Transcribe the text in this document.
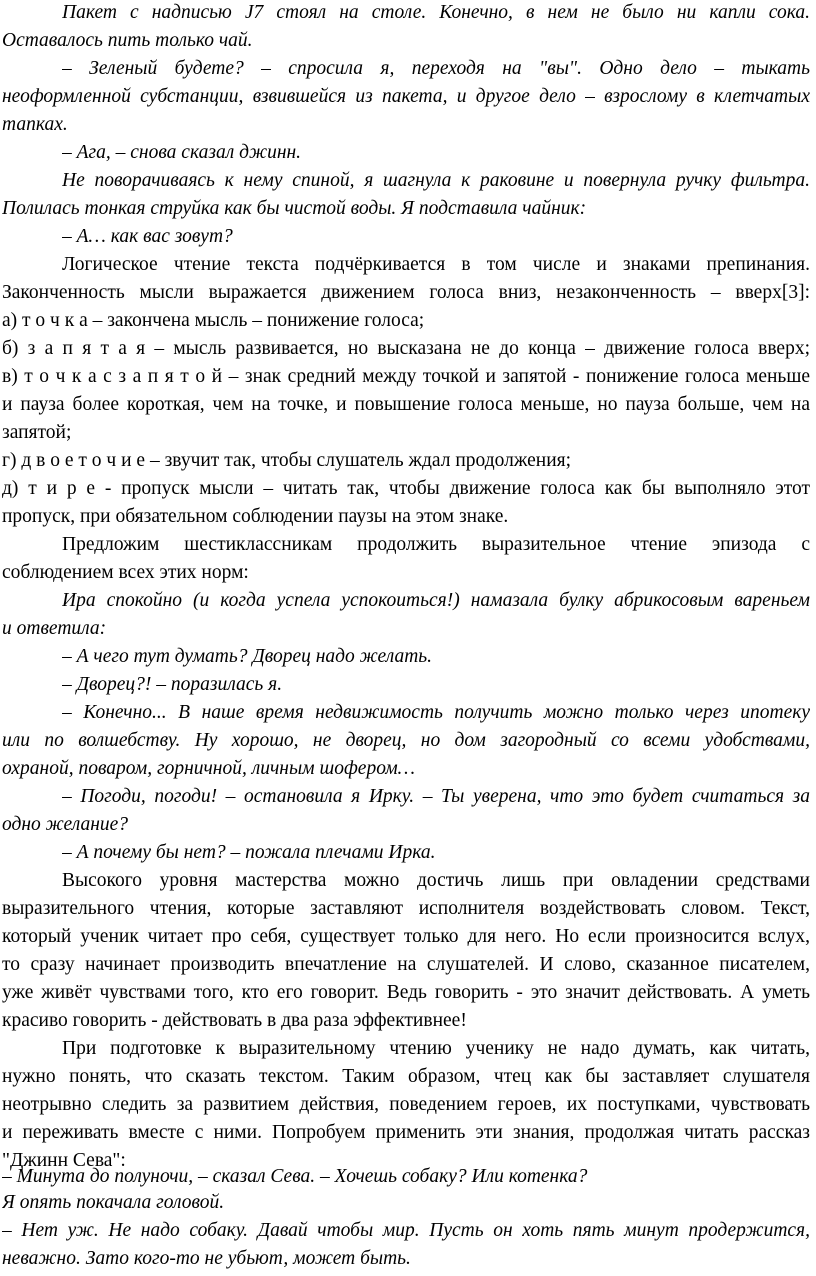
Пакет с надписью J7 стоял на столе. Конечно, в нем не было ни капли сока.
Оставалось пить только чай.
– Зеленый будете? – спросила я, переходя на "вы". Одно дело – тыкать
неоформленной субстанции, взвившейся из пакета, и другое дело – взрослому в клетчатых
тапках.
– Ага, – снова сказал джинн.
Не поворачиваясь к нему спиной, я шагнула к раковине и повернула ручку фильтра.
Полилась тонкая струйка как бы чистой воды. Я подставила чайник:
– А… как вас зовут?
Логическое чтение текста подчёркивается в том числе и знаками препинания.
Законченность мысли выражается движением голоса вниз, незаконченность – вверх[3]:
а) т о ч к а – закончена мысль – понижение голоса;
б) з а п я т а я – мысль развивается, но высказана не до конца – движение голоса вверх;
в) т о ч к а с з а п я т о й – знак средний между точкой и запятой - понижение голоса меньше
и пауза более короткая, чем на точке, и повышение голоса меньше, но пауза больше, чем на
запятой;
г) д в о е т о ч и е – звучит так, чтобы слушатель ждал продолжения;
д) т и р е - пропуск мысли – читать так, чтобы движение голоса как бы выполняло этот
пропуск, при обязательном соблюдении паузы на этом знаке.
Предложим шестиклассникам продолжить выразительное чтение эпизода с
соблюдением всех этих норм:
Ира спокойно (и когда успела успокоиться!) намазала булку абрикосовым вареньем
и ответила:
– А чего тут думать? Дворец надо желать.
– Дворец?! – поразилась я.
– Конечно... В наше время недвижимость получить можно только через ипотеку
или по волшебству. Ну хорошо, не дворец, но дом загородный со всеми удобствами,
охраной, поваром, горничной, личным шофером…
– Погоди, погоди! – остановила я Ирку. – Ты уверена, что это будет считаться за
одно желание?
– А почему бы нет? – пожала плечами Ирка.
Высокого уровня мастерства можно достичь лишь при овладении средствами
выразительного чтения, которые заставляют исполнителя воздействовать словом. Текст,
который ученик читает про себя, существует только для него. Но если произносится вслух,
то сразу начинает производить впечатление на слушателей. И слово, сказанное писателем,
уже живёт чувствами того, кто его говорит. Ведь говорить - это значит действовать. А уметь
красиво говорить - действовать в два раза эффективнее!
При подготовке к выразительному чтению ученику не надо думать, как читать,
нужно понять, что сказать текстом. Таким образом, чтец как бы заставляет слушателя
неотрывно следить за развитием действия, поведением героев, их поступками, чувствовать
и переживать вместе с ними. Попробуем применить эти знания, продолжая читать рассказ
"Джинн Сева":
– Минута до полуночи, – сказал Сева. – Хочешь собаку? Или котенка?
Я опять покачала головой.
– Нет уж. Не надо собаку. Давай чтобы мир. Пусть он хоть пять минут продержится,
неважно. Зато кого-то не убьют, может быть.
